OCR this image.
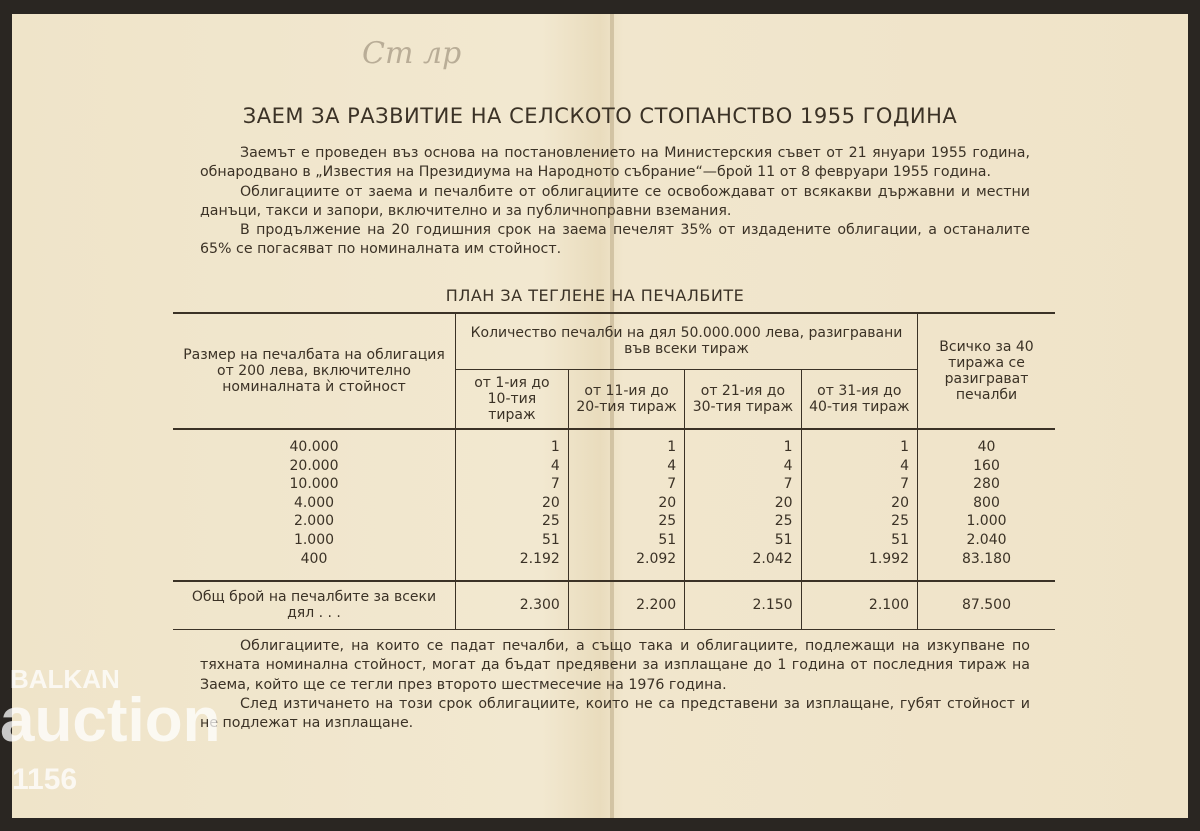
Ст лр
ЗАЕМ ЗА РАЗВИТИЕ НА СЕЛСКОТО СТОПАНСТВО 1955 ГОДИНА

Заемът е проведен въз основа на постановлението на Министерския съвет от 21 януари 1955 година, обнародвано в „Известия на Президиума на Народното събрание“—брой 11 от 8 февруари 1955 година.

Облигациите от заема и печалбите от облигациите се освобождават от всякакви държавни и местни данъци, такси и запори, включително и за публичноправни вземания.

В продължение на 20 годишния срок на заема печелят 35% от издадените облигации, а останалите 65% се погасяват по номиналната им стойност.

ПЛАН ЗА ТЕГЛЕНЕ НА ПЕЧАЛБИТЕ
Размер на печалбата на облигация от 200 лева, включително номиналната ѝ стойност	Количество печалби на дял 50.000.000 лева, разигравани във всеки тираж				Всичко за 40 тиража се разиграват печалби
	от 1-ия до 10-тия тираж	от 11-ия до 20-тия тираж	от 21-ия до 30-тия тираж	от 31-ия до 40-тия тираж	
40.000	1	1	1	1	40
20.000	4	4	4	4	160
10.000	7	7	7	7	280
4.000	20	20	20	20	800
2.000	25	25	25	25	1.000
1.000	51	51	51	51	2.040
400	2.192	2.092	2.042	1.992	83.180
Общ брой на печалбите за всеки дял . . .	2.300	2.200	2.150	2.100	87.500

Облигациите, на които се падат печалби, а също така и облигациите, подлежащи на изкупване по тяхната номинална стойност, могат да бъдат предявени за изплащане до 1 година от последния тираж на Заема, който ще се тегли през второто шестмесечие на 1976 година.

След изтичането на този срок облигациите, които не са представени за изплащане, губят стойност и не подлежат на изплащане.

BALKAN
auction
1156
